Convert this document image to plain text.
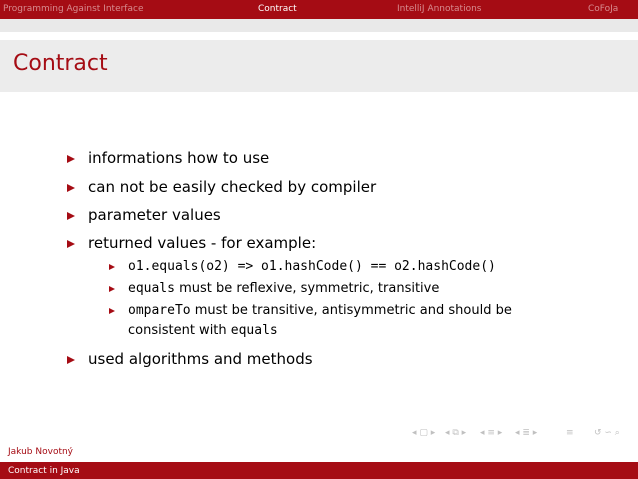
Programming Against Interface	Contract	IntelliJ Annotations	CoFoJa
Contract
informations how to use
can not be easily checked by compiler
parameter values
returned values - for example:
o1.equals(o2) => o1.hashCode() == o2.hashCode()
equals must be reflexive, symmetric, transitive
ompareTo must be transitive, antisymmetric and should be
consistent with equals
used algorithms and methods
◂ ▢ ▸ ◂ ⧉ ▸ ◂ ≡ ▸ ◂ ≣ ▸	≡ ↺ ∽ ⌕
Jakub Novotný
Contract in Java
